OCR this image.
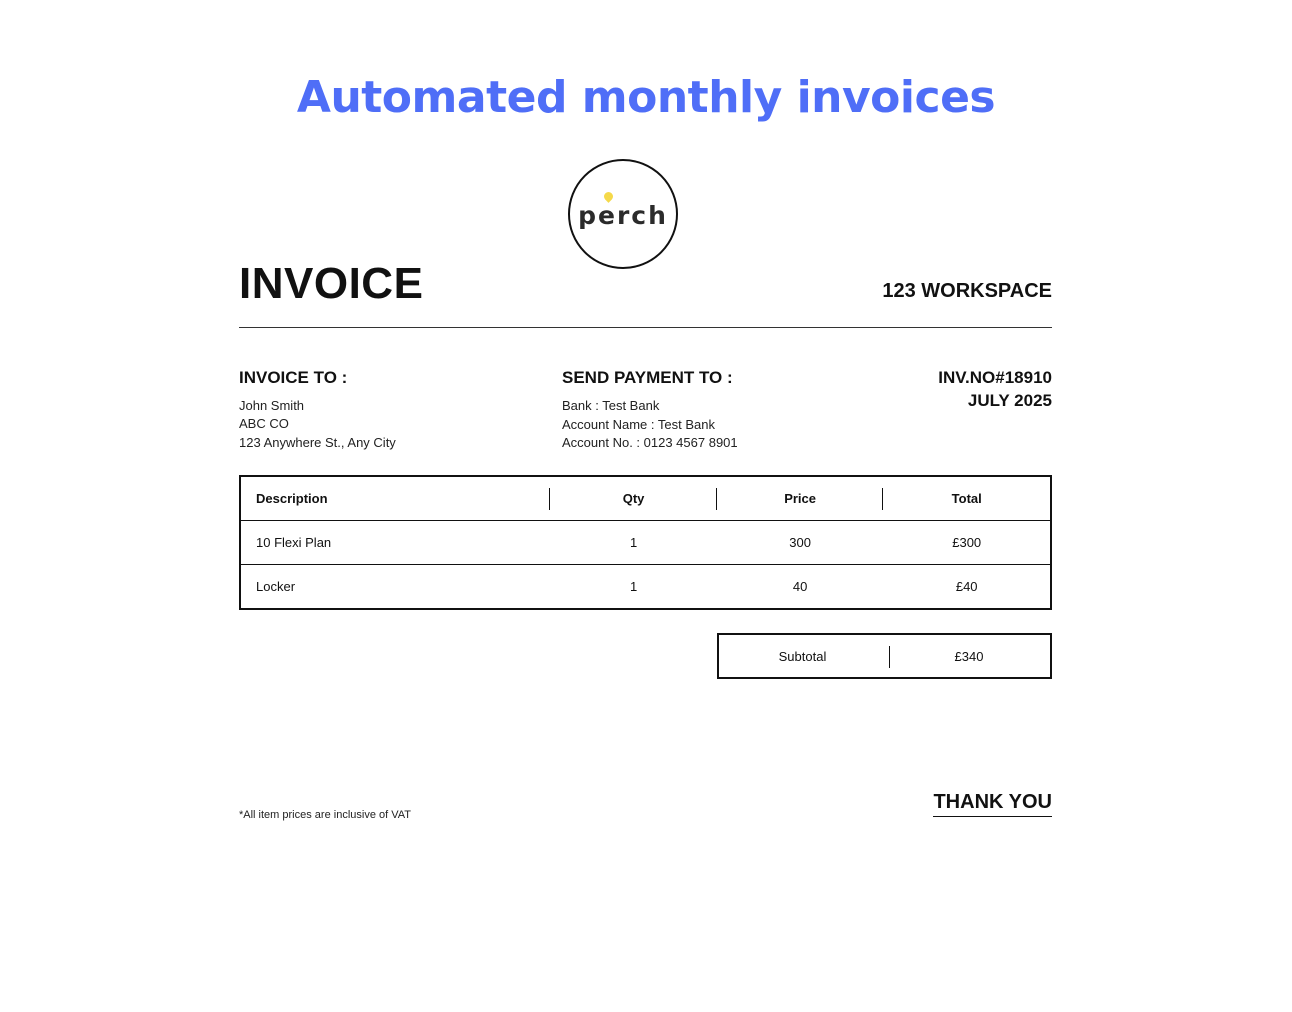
Automated monthly invoices
perch
INVOICE	123 WORKSPACE
INVOICE TO :
John Smith
ABC CO
123 Anywhere St., Any City
SEND PAYMENT TO :
Bank : Test Bank
Account Name : Test Bank
Account No. : 0123 4567 8901
INV.NO#18910
JULY 2025
Description	Qty	Price	Total
10 Flexi Plan	1	300	£300
Locker	1	40	£40
Subtotal	£340
*All item prices are inclusive of VAT
THANK YOU
